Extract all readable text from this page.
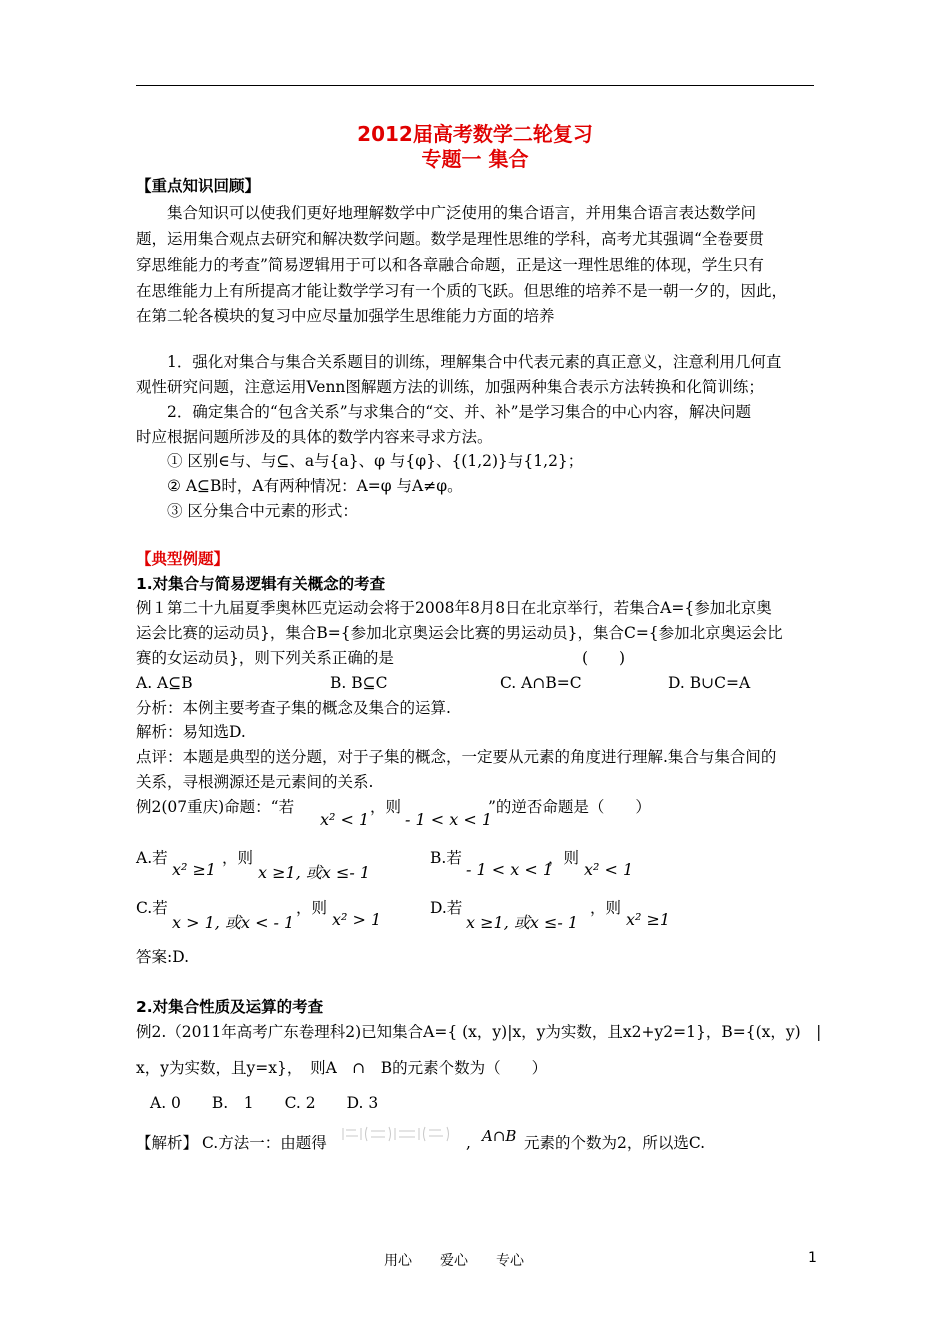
2012届高考数学二轮复习
专题一 集合
【重点知识回顾】
集合知识可以使我们更好地理解数学中广泛使用的集合语言，并用集合语言表达数学问
题，运用集合观点去研究和解决数学问题。数学是理性思维的学科，高考尤其强调“全卷要贯
穿思维能力的考查”简易逻辑用于可以和各章融合命题，正是这一理性思维的体现，学生只有
在思维能力上有所提高才能让数学学习有一个质的飞跃。但思维的培养不是一朝一夕的，因此，
在第二轮各模块的复习中应尽量加强学生思维能力方面的培养
1．强化对集合与集合关系题目的训练，理解集合中代表元素的真正意义，注意利用几何直
观性研究问题，注意运用Venn图解题方法的训练，加强两种集合表示方法转换和化简训练；
2．确定集合的“包含关系”与求集合的“交、并、补”是学习集合的中心内容，解决问题
时应根据问题所涉及的具体的数学内容来寻求方法。
① 区别∈与、与⊆、a与{a}、φ 与{φ}、{(1,2)}与{1,2}；
② A⊆B时，A有两种情况：A=φ 与A≠φ。
③ 区分集合中元素的形式：
【典型例题】
1.对集合与简易逻辑有关概念的考查
例１第二十九届夏季奥林匹克运动会将于2008年8月8日在北京举行，若集合A={参加北京奥
运会比赛的运动员}，集合B={参加北京奥运会比赛的男运动员}，集合C={参加北京奥运会比
赛的女运动员}，则下列关系正确的是	(　　)
A. A⊆B	B. B⊆C	C. A∩B=C	D. B∪C=A
分析：本例主要考查子集的概念及集合的运算.
解析：易知选D.
点评：本题是典型的送分题，对于子集的概念，一定要从元素的角度进行理解.集合与集合间的
关系，寻根溯源还是元素间的关系.
例2(07重庆)命题：“若
x² < 1
，则
- 1 < x < 1
”的逆否命题是（　　）
A.若
x² ≥1
，则
x ≥1, 或x ≤- 1
B.若
- 1 < x < 1
，则
x² < 1
C.若
x > 1, 或x < - 1
，则
x² > 1
D.若
x ≥1, 或x ≤- 1
，则
x² ≥1
答案:D.
2.对集合性质及运算的考查
例2.（2011年高考广东卷理科2)已知集合A={ (x，y)|x，y为实数，且x2+y2=1}，B={(x，y)　|
x，y为实数，且y=x}，　则A　∩　B的元素个数为（　　）
A. 0　　B.　1　　C. 2　　D. 3
【解析】 C.方法一：由题得	, A∩B 元素的个数为2，所以选C.
用心　　爱心　　专心	1
